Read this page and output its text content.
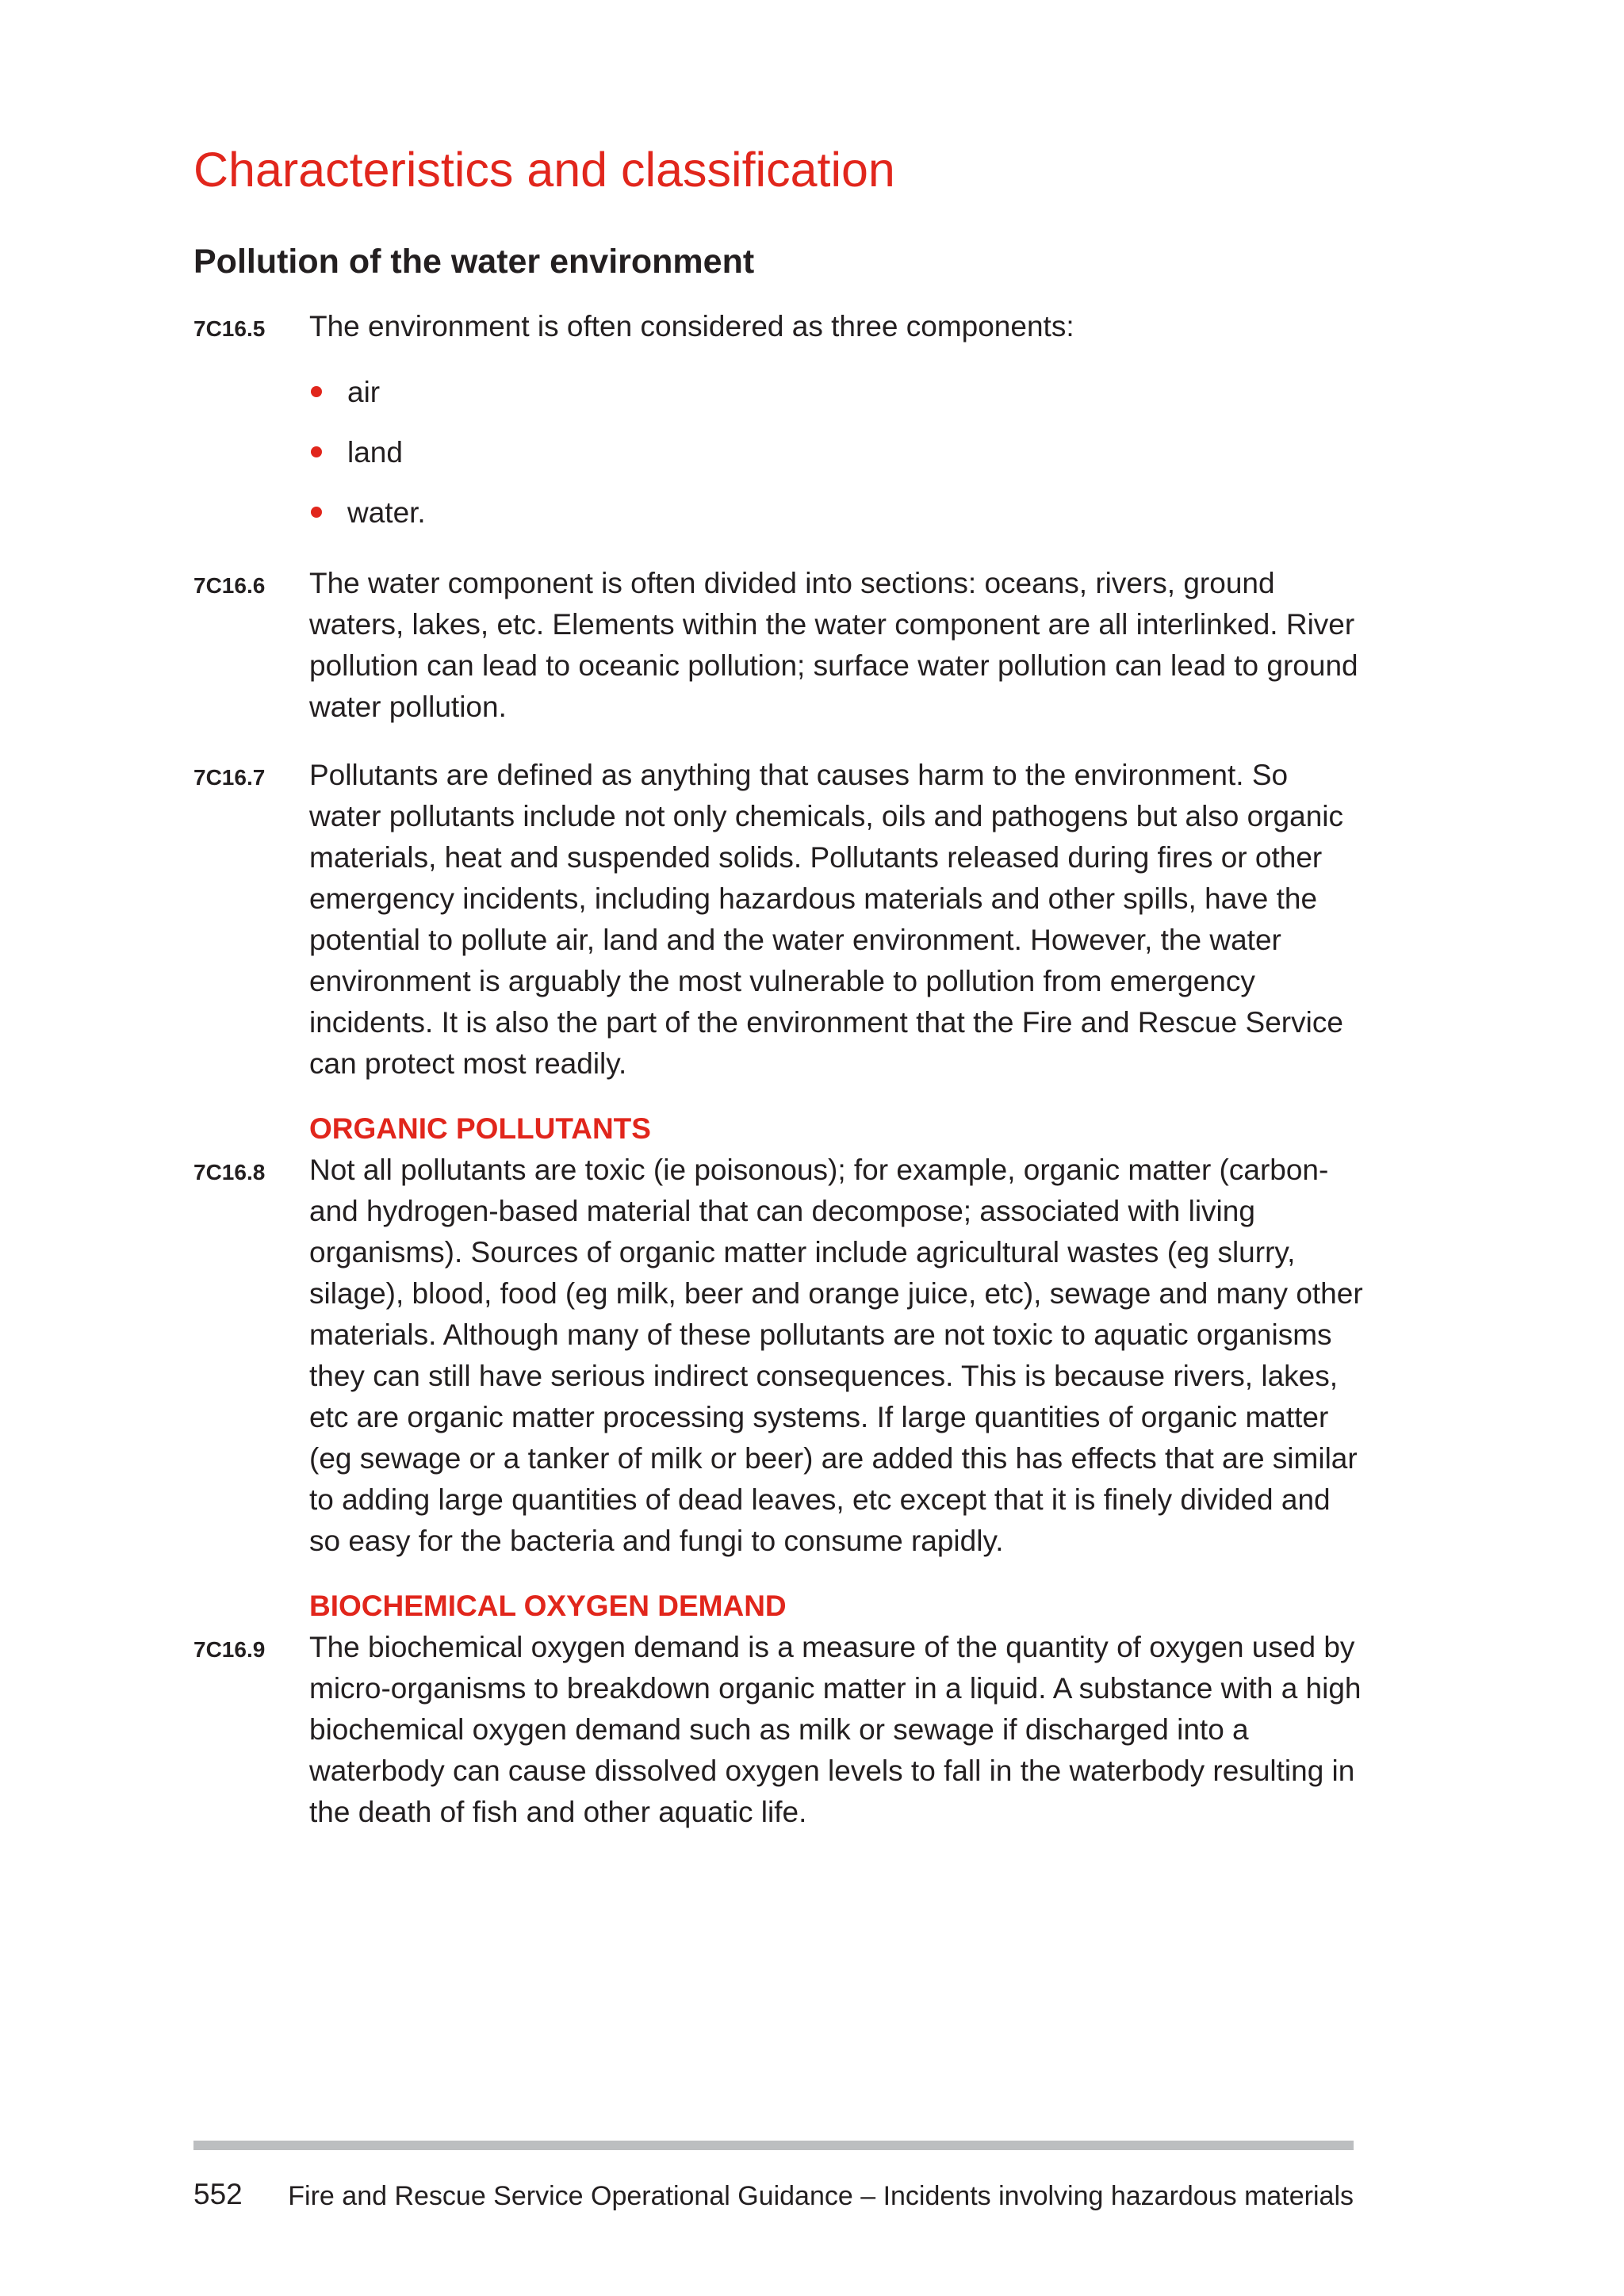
Characteristics and classification
Pollution of the water environment
7C16.5 The environment is often considered as three components:

air
land
water.
7C16.6 The water component is often divided into sections: oceans, rivers, ground waters, lakes, etc. Elements within the water component are all interlinked. River pollution can lead to oceanic pollution; surface water pollution can lead to ground water pollution.

7C16.7 Pollutants are defined as anything that causes harm to the environment. So water pollutants include not only chemicals, oils and pathogens but also organic materials, heat and suspended solids. Pollutants released during fires or other emergency incidents, including hazardous materials and other spills, have the potential to pollute air, land and the water environment. However, the water environment is arguably the most vulnerable to pollution from emergency incidents. It is also the part of the environment that the Fire and Rescue Service can protect most readily.

ORGANIC POLLUTANTS
7C16.8 Not all pollutants are toxic (ie poisonous); for example, organic matter (carbon- and hydrogen-based material that can decompose; associated with living organisms). Sources of organic matter include agricultural wastes (eg slurry, silage), blood, food (eg milk, beer and orange juice, etc), sewage and many other materials. Although many of these pollutants are not toxic to aquatic organisms they can still have serious indirect consequences. This is because rivers, lakes, etc are organic matter processing systems. If large quantities of organic matter (eg sewage or a tanker of milk or beer) are added this has effects that are similar to adding large quantities of dead leaves, etc except that it is finely divided and so easy for the bacteria and fungi to consume rapidly.

BIOCHEMICAL OXYGEN DEMAND
7C16.9 The biochemical oxygen demand is a measure of the quantity of oxygen used by micro-organisms to breakdown organic matter in a liquid. A substance with a high biochemical oxygen demand such as milk or sewage if discharged into a waterbody can cause dissolved oxygen levels to fall in the waterbody resulting in the death of fish and other aquatic life.

552 Fire and Rescue Service Operational Guidance – Incidents involving hazardous materials
